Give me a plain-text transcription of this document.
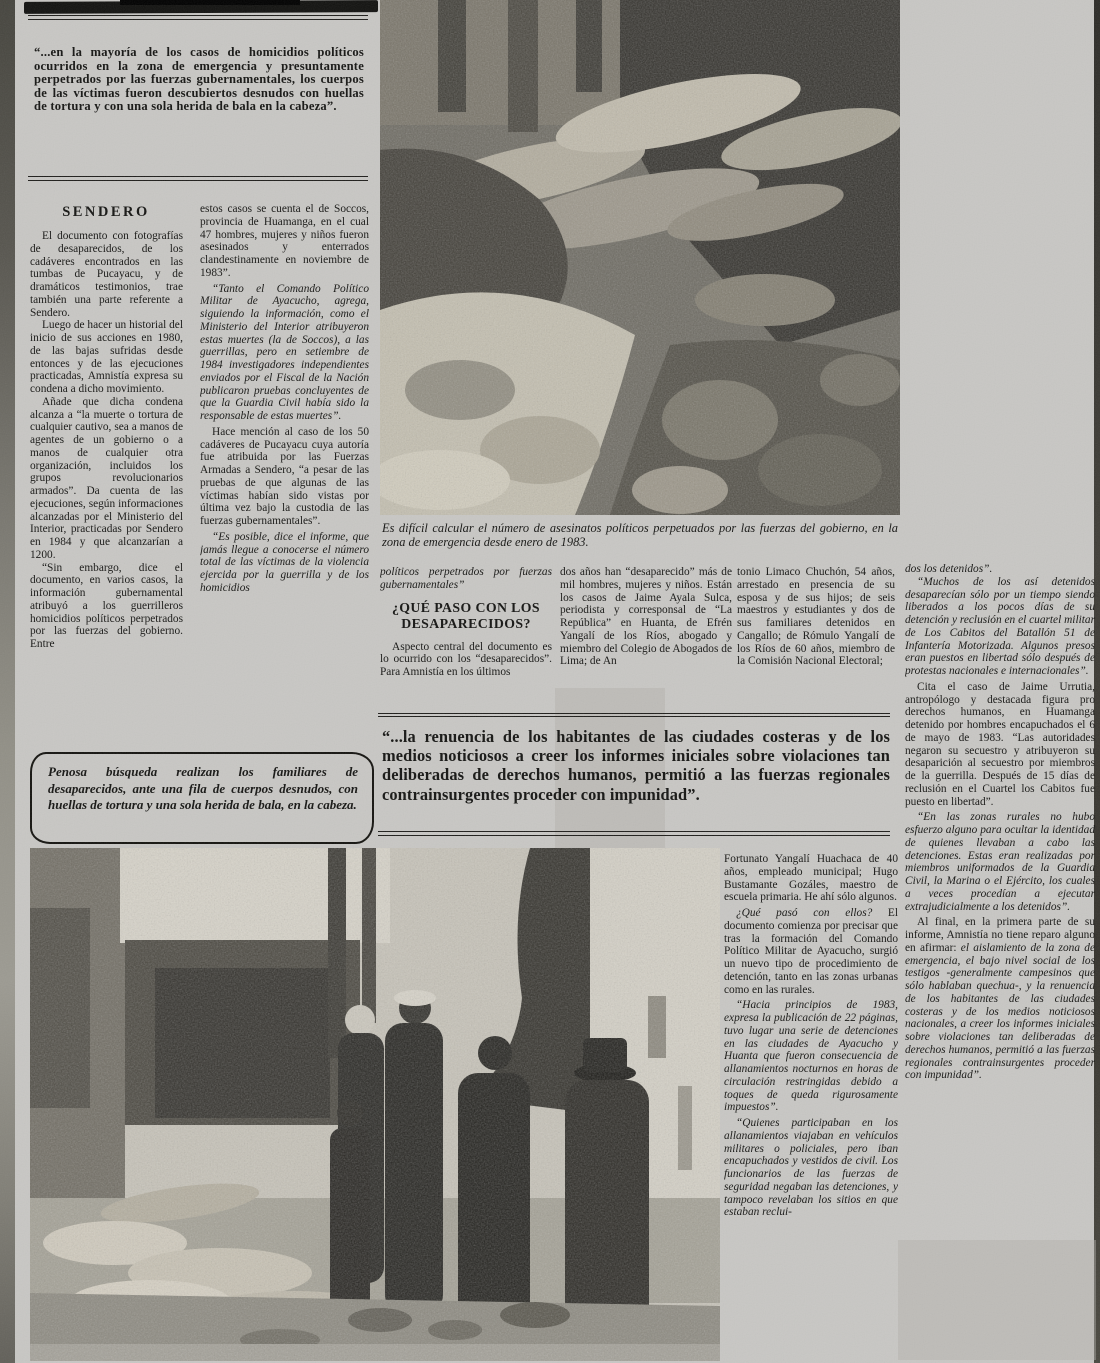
“...en la mayoría de los casos de homicidios políticos ocurridos en la zona de emergencia y presuntamente perpetrados por las fuerzas gubernamentales, los cuerpos de las víctimas fueron descubiertos desnudos con huellas de tortura y con una sola herida de bala en la cabeza”.
SENDERO

El documento con fotografías de desaparecidos, de los cadáveres encontrados en las tumbas de Pucayacu, y de dramáticos testimonios, trae también una parte referente a Sendero.

Luego de hacer un historial del inicio de sus acciones en 1980, de las bajas sufridas desde entonces y de las ejecuciones practicadas, Amnistía expresa su condena a dicho movimiento.

Añade que dicha condena alcanza a “la muerte o tortura de cualquier cautivo, sea a manos de agentes de un gobierno o a manos de cualquier otra organización, incluidos los grupos revolucionarios armados”. Da cuenta de las ejecuciones, según informaciones alcanzadas por el Ministerio del Interior, practicadas por Sendero en 1984 y que alcanzarían a 1200.

“Sin embargo, dice el documento, en varios casos, la información gubernamental atribuyó a los guerrilleros homicidios políticos perpetrados por las fuerzas del gobierno. Entre

estos casos se cuenta el de Soccos, provincia de Huamanga, en el cual 47 hombres, mujeres y niños fueron asesinados y enterrados clandestinamente en noviembre de 1983”.

“Tanto el Comando Político Militar de Ayacucho, agrega, siguiendo la información, como el Ministerio del Interior atribuyeron estas muertes (la de Soccos), a las guerrillas, pero en setiembre de 1984 investigadores independientes enviados por el Fiscal de la Nación publicaron pruebas concluyentes de que la Guardia Civil había sido la responsable de estas muertes”.

Hace mención al caso de los 50 cadáveres de Pucayacu cuya autoría fue atribuida por las Fuerzas Armadas a Sendero, “a pesar de las pruebas de que algunas de las víctimas habían sido vistas por última vez bajo la custodia de las fuerzas gubernamentales”.

“Es posible, dice el informe, que jamás llegue a conocerse el número total de las víctimas de la violencia ejercida por la guerrilla y de los homicidios

Es difícil calcular el número de asesinatos políticos perpetuados por las fuerzas del gobierno, en la zona de emergencia desde enero de 1983.

políticos perpetrados por fuerzas gubernamentales”

¿QUÉ PASO CON LOS DESAPARECIDOS?

Aspecto central del documento es lo ocurrido con los “desaparecidos”. Para Amnistía en los últimos

dos años han “desaparecido” más de mil hombres, mujeres y niños. Están los casos de Jaime Ayala Sulca, periodista y corresponsal de “La República” en Huanta, de Efrén Yangalí de los Ríos, abogado y miembro del Colegio de Abogados de Lima; de An

tonio Limaco Chuchón, 54 años, arrestado en presencia de su esposa y de sus hijos; de seis maestros y estudiantes y dos de sus familiares detenidos en Cangallo; de Rómulo Yangalí de los Ríos de 60 años, miembro de la Comisión Nacional Electoral;

“...la renuencia de los habitantes de las ciudades costeras y de los medios noticiosos a creer los informes iniciales sobre violaciones tan deliberadas de derechos humanos, permitió a las fuerzas regionales contrainsurgentes proceder con impunidad”.
Penosa búsqueda realizan los familiares de desaparecidos, ante una fila de cuerpos desnudos, con huellas de tortura y una sola herida de bala, en la cabeza.

Fortunato Yangalí Huachaca de 40 años, empleado municipal; Hugo Bustamante Gozáles, maestro de escuela primaria. He ahí sólo algunos.

¿Qué pasó con ellos? El documento comienza por precisar que tras la formación del Comando Político Militar de Ayacucho, surgió un nuevo tipo de procedimiento de detención, tanto en las zonas urbanas como en las rurales.

“Hacia principios de 1983, expresa la publicación de 22 páginas, tuvo lugar una serie de detenciones en las ciudades de Ayacucho y Huanta que fueron consecuencia de allanamientos nocturnos en horas de circulación restringidas debido a toques de queda rigurosamente impuestos”.

“Quienes participaban en los allanamientos viajaban en vehículos militares o policiales, pero iban encapuchados y vestidos de civil. Los funcionarios de las fuerzas de seguridad negaban las detenciones, y tampoco revelaban los sitios en que estaban reclui-

dos los detenidos”.

“Muchos de los así detenidos desaparecían sólo por un tiempo siendo liberados a los pocos días de su detención y reclusión en el cuartel militar de Los Cabitos del Batallón 51 de Infantería Motorizada. Algunos presos eran puestos en libertad sólo después de protestas nacionales e internacionales”.

Cita el caso de Jaime Urrutia, antropólogo y destacada figura pro derechos humanos, en Huamanga detenido por hombres encapuchados el 6 de mayo de 1983. “Las autoridades negaron su secuestro y atribuyeron su desaparición al secuestro por miembros de la guerrilla. Después de 15 días de reclusión en el Cuartel los Cabitos fue puesto en libertad”.

“En las zonas rurales no hubo esfuerzo alguno para ocultar la identidad de quienes llevaban a cabo las detenciones. Estas eran realizadas por miembros uniformados de la Guardia Civil, la Marina o el Ejército, los cuales a veces procedían a ejecutar extrajudicialmente a los detenidos”.

Al final, en la primera parte de su informe, Amnistía no tiene reparo alguno en afirmar: el aislamiento de la zona de emergencia, el bajo nivel social de los testigos -generalmente campesinos que sólo hablaban quechua-, y la renuencia de los habitantes de las ciudades costeras y de los medios noticiosos nacionales, a creer los informes iniciales sobre violaciones tan deliberadas de derechos humanos, permitió a las fuerzas regionales contrainsurgentes proceder con impunidad”.
